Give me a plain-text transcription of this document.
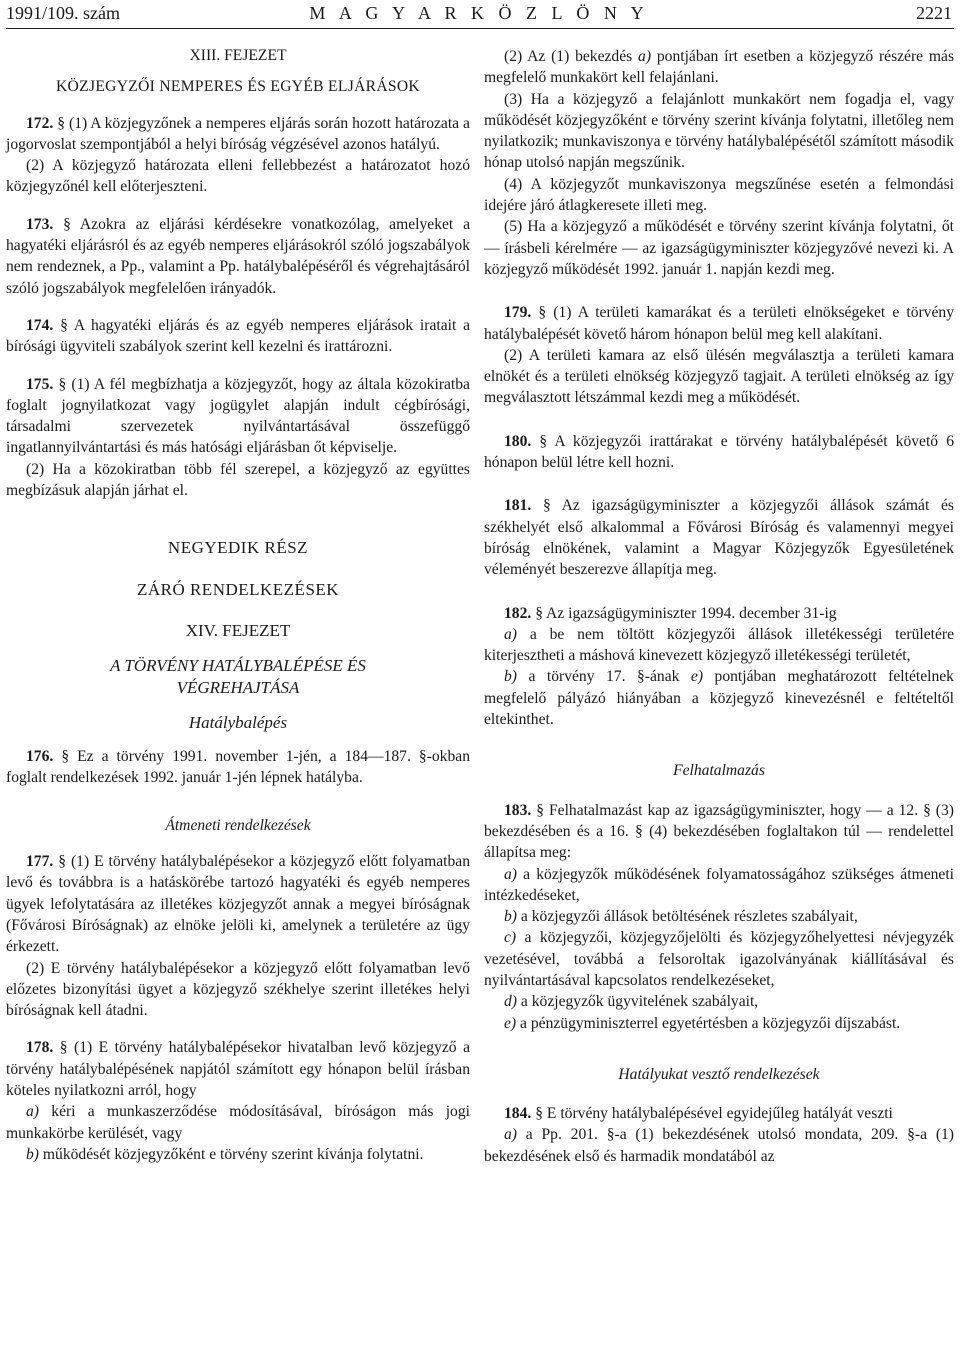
1991/109. szám	M A G Y A R K Ö Z L Ö N Y	2221

XIII. FEJEZET

KÖZJEGYZŐI NEMPERES ÉS EGYÉB ELJÁRÁSOK

172. § (1) A közjegyzőnek a nemperes eljárás során hozott határozata a jogorvoslat szempontjából a helyi bíróság végzésével azonos hatályú.

(2) A közjegyző határozata elleni fellebbezést a határozatot hozó közjegyzőnél kell előterjeszteni.

173. § Azokra az eljárási kérdésekre vonatkozólag, amelyeket a hagyatéki eljárásról és az egyéb nemperes eljárásokról szóló jogszabályok nem rendeznek, a Pp., valamint a Pp. hatálybalépéséről és végrehajtásáról szóló jogszabályok megfelelően irányadók.

174. § A hagyatéki eljárás és az egyéb nemperes eljárások iratait a bírósági ügyviteli szabályok szerint kell kezelni és irattározni.

175. § (1) A fél megbízhatja a közjegyzőt, hogy az általa közokiratba foglalt jognyilatkozat vagy jogügylet alapján indult cégbírósági, társadalmi szervezetek nyilvántartásával összefüggő ingatlannyilvántartási és más hatósági eljárásban őt képviselje.

(2) Ha a közokiratban több fél szerepel, a közjegyző az együttes megbízásuk alapján járhat el.

NEGYEDIK RÉSZ

ZÁRÓ RENDELKEZÉSEK

XIV. FEJEZET

A TÖRVÉNY HATÁLYBALÉPÉSE ÉS

VÉGREHAJTÁSA

Hatálybalépés

176. § Ez a törvény 1991. november 1-jén, a 184—187. §-okban foglalt rendelkezések 1992. január 1-jén lépnek hatályba.

Átmeneti rendelkezések

177. § (1) E törvény hatálybalépésekor a közjegyző előtt folyamatban levő és továbbra is a hatáskörébe tartozó hagyatéki és egyéb nemperes ügyek lefolytatására az illetékes közjegyzőt annak a megyei bíróságnak (Fővárosi Bíróságnak) az elnöke jelöli ki, amelynek a területére az ügy érkezett.

(2) E törvény hatálybalépésekor a közjegyző előtt folyamatban levő előzetes bizonyítási ügyet a közjegyző székhelye szerint illetékes helyi bíróságnak kell átadni.

178. § (1) E törvény hatálybalépésekor hivatalban levő közjegyző a törvény hatálybalépésének napjától számított egy hónapon belül írásban köteles nyilatkozni arról, hogy

a) kéri a munkaszerződése módosításával, bíróságon más jogi munkakörbe kerülését, vagy

b) működését közjegyzőként e törvény szerint kívánja folytatni.

(2) Az (1) bekezdés a) pontjában írt esetben a közjegyző részére más megfelelő munkakört kell felajánlani.

(3) Ha a közjegyző a felajánlott munkakört nem fogadja el, vagy működését közjegyzőként e törvény szerint kívánja folytatni, illetőleg nem nyilatkozik; munkaviszonya e törvény hatálybalépésétől számított második hónap utolsó napján megszűnik.

(4) A közjegyzőt munkaviszonya megszűnése esetén a felmondási idejére járó átlagkeresete illeti meg.

(5) Ha a közjegyző a működését e törvény szerint kívánja folytatni, őt — írásbeli kérelmére — az igazságügyminiszter közjegyzővé nevezi ki. A közjegyző működését 1992. január 1. napján kezdi meg.

179. § (1) A területi kamarákat és a területi elnökségeket e törvény hatálybalépését követő három hónapon belül meg kell alakítani.

(2) A területi kamara az első ülésén megválasztja a területi kamara elnökét és a területi elnökség közjegyző tagjait. A területi elnökség az így megválasztott létszámmal kezdi meg a működését.

180. § A közjegyzői irattárakat e törvény hatálybalépését követő 6 hónapon belül létre kell hozni.

181. § Az igazságügyminiszter a közjegyzői állások számát és székhelyét első alkalommal a Fővárosi Bíróság és valamennyi megyei bíróság elnökének, valamint a Magyar Közjegyzők Egyesületének véleményét beszerezve állapítja meg.

182. § Az igazságügyminiszter 1994. december 31-ig

a) a be nem töltött közjegyzői állások illetékességi területére kiterjesztheti a máshová kinevezett közjegyző illetékességi területét,

b) a törvény 17. §-ának e) pontjában meghatározott feltételnek megfelelő pályázó hiányában a közjegyző kinevezésnél e feltételtől eltekinthet.

Felhatalmazás

183. § Felhatalmazást kap az igazságügyminiszter, hogy — a 12. § (3) bekezdésében és a 16. § (4) bekezdésében foglaltakon túl — rendelettel állapítsa meg:

a) a közjegyzők működésének folyamatosságához szükséges átmeneti intézkedéseket,

b) a közjegyzői állások betöltésének részletes szabályait,

c) a közjegyzői, közjegyzőjelölti és közjegyzőhelyettesi névjegyzék vezetésével, továbbá a felsoroltak igazolványának kiállításával és nyilvántartásával kapcsolatos rendelkezéseket,

d) a közjegyzők ügyvitelének szabályait,

e) a pénzügyminiszterrel egyetértésben a közjegyzői díjszabást.

Hatályukat vesztő rendelkezések

184. § E törvény hatálybalépésével egyidejűleg hatályát veszti

a) a Pp. 201. §-a (1) bekezdésének utolsó mondata, 209. §-a (1) bekezdésének első és harmadik mondatából az
